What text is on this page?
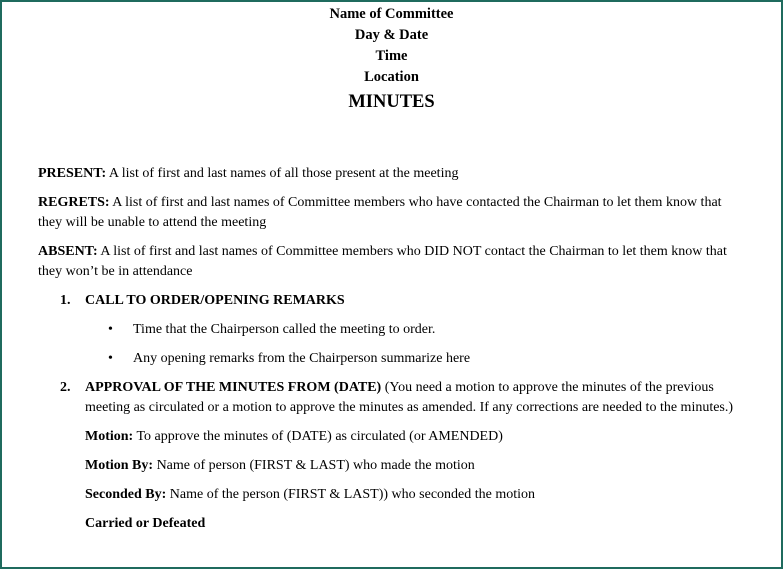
Name of Committee
Day & Date
Time
Location
MINUTES

PRESENT: A list of first and last names of all those present at the meeting

REGRETS: A list of first and last names of Committee members who have contacted the Chairman to let them know that they will be unable to attend the meeting

ABSENT: A list of first and last names of Committee members who DID NOT contact the Chairman to let them know that they won’t be in attendance

1. CALL TO ORDER/OPENING REMARKS
• Time that the Chairperson called the meeting to order.
• Any opening remarks from the Chairperson summarize here
2. APPROVAL OF THE MINUTES FROM (DATE) (You need a motion to approve the minutes of the previous meeting as circulated or a motion to approve the minutes as amended. If any corrections are needed to the minutes.)

Motion: To approve the minutes of (DATE) as circulated (or AMENDED)

Motion By: Name of person (FIRST & LAST) who made the motion

Seconded By: Name of the person (FIRST & LAST)) who seconded the motion

Carried or Defeated
